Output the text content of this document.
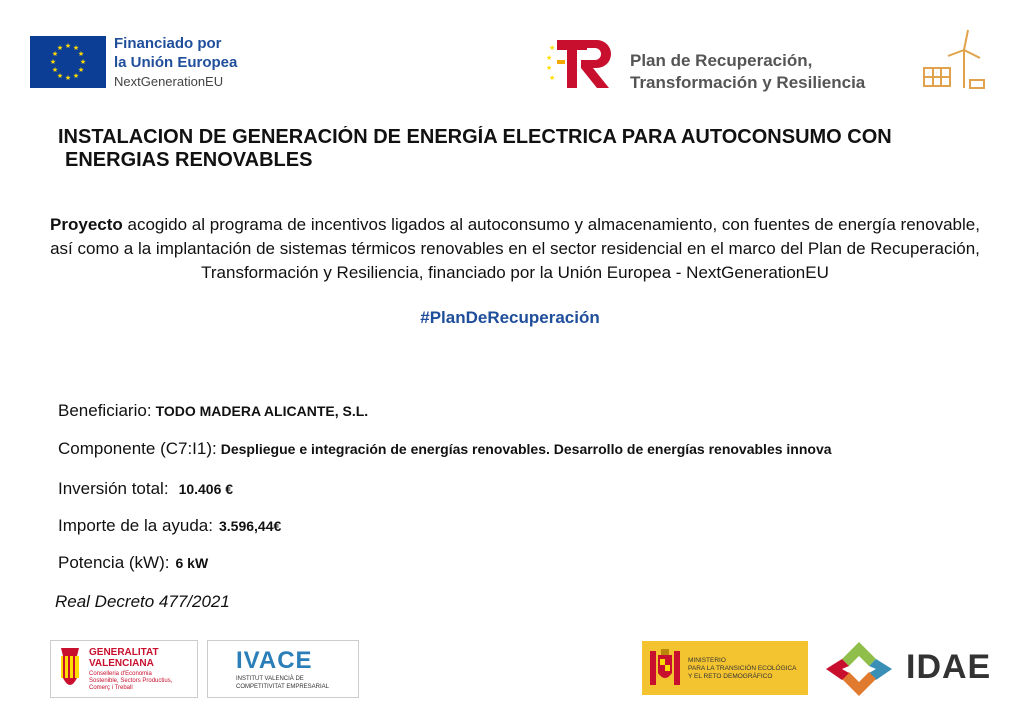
★ ★
★
★
★
★
★
★
★
★
★
★	Financiado por
la Unión Europea
NextGenerationEU
★
★
★
★
Plan de Recuperación,
Transformación y Resiliencia
INSTALACION DE GENERACIÓN DE ENERGÍA ELECTRICA PARA AUTOCONSUMO CON
ENERGIAS RENOVABLES
Proyecto acogido al programa de incentivos ligados al autoconsumo y almacenamiento, con fuentes de energía renovable, así como a la implantación de sistemas térmicos renovables en el sector residencial en el marco del Plan de Recuperación, Transformación y Resiliencia, financiado por la Unión Europea - NextGenerationEU
#PlanDeRecuperación
Beneficiario: TODO MADERA ALICANTE, S.L.
Componente (C7:I1): Despliegue e integración de energías renovables. Desarrollo de energías renovables innova
Inversión total: 10.406 €
Importe de la ayuda: 3.596,44€
Potencia (kW): 6 kW
Real Decreto 477/2021
GENERALITAT
VALENCIANA
Conselleria d'Economia
Sostenible, Sectors Productius,
Comerç i Treball
IVACE
INSTITUT VALENCIÀ DE
COMPETITIVITAT EMPRESARIAL
MINISTERIO
PARA LA TRANSICIÓN ECOLÓGICA
Y EL RETO DEMOGRÁFICO	IDAE
